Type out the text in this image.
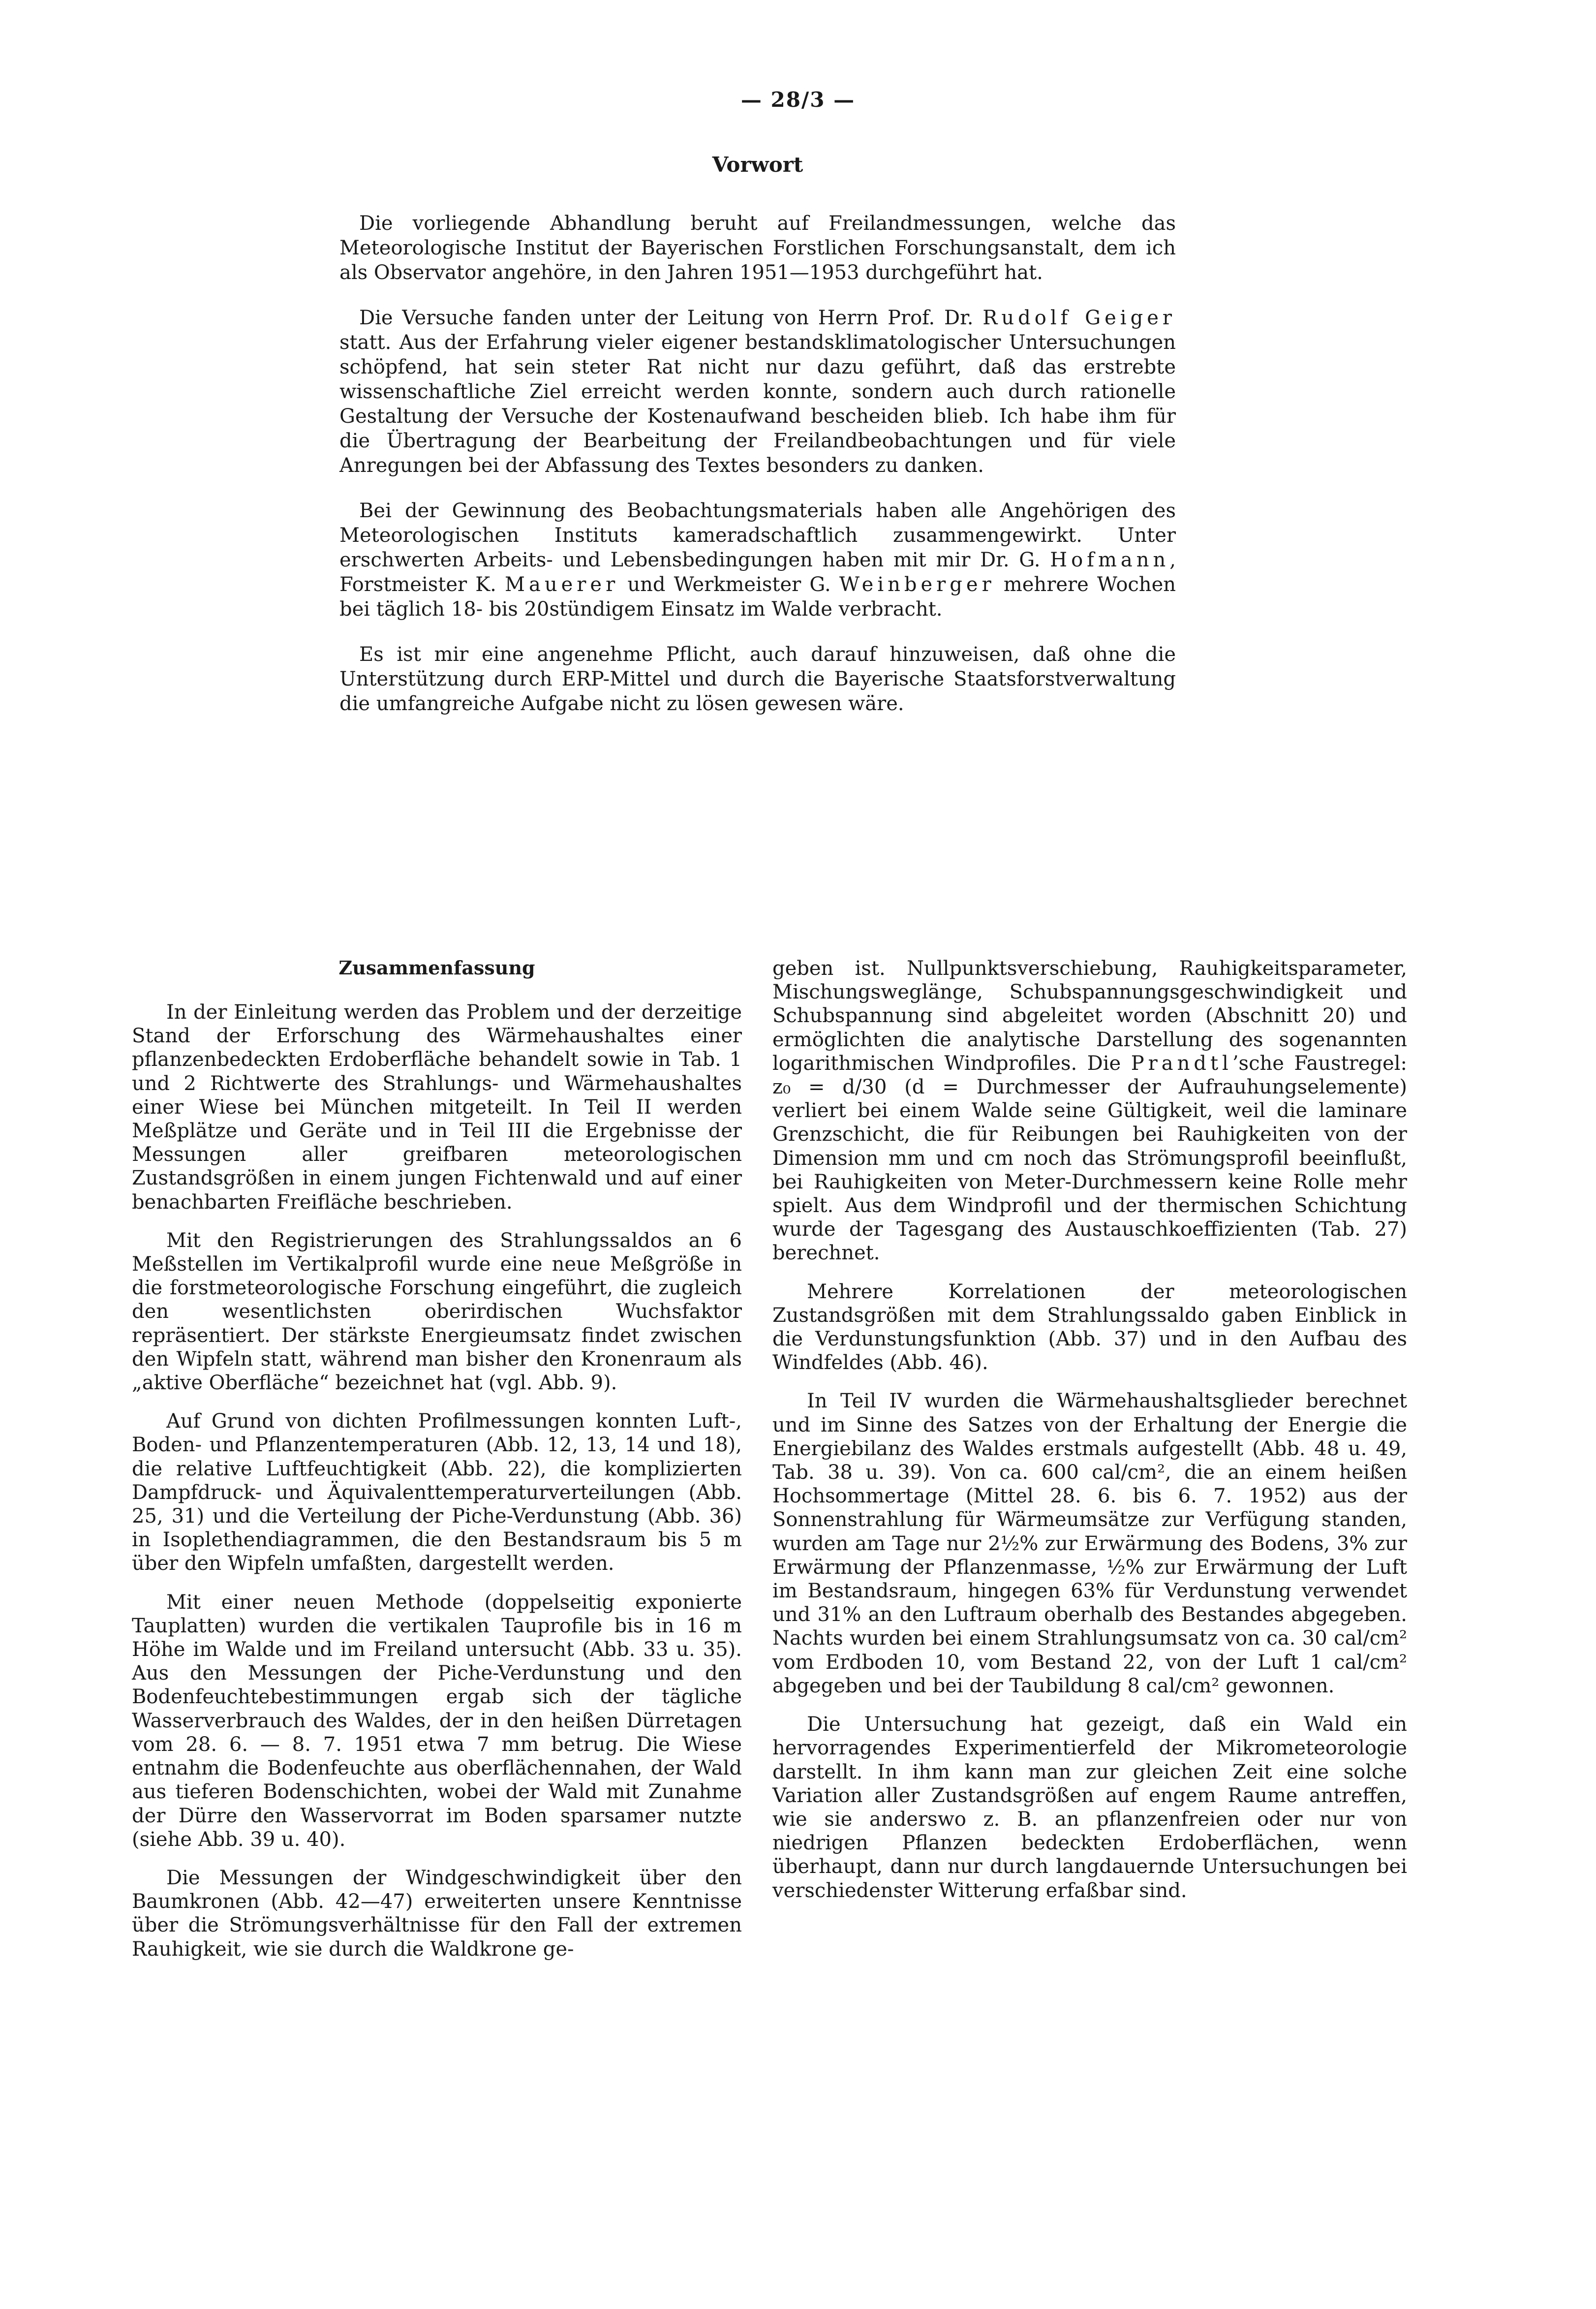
— 28/3 —
Vorwort

Die vorliegende Abhandlung beruht auf Freilandmessungen, welche das Meteorologische Institut der Bayerischen Forstlichen Forschungsanstalt, dem ich als Observator angehöre, in den Jahren 1951—1953 durchgeführt hat.

Die Versuche fanden unter der Leitung von Herrn Prof. Dr. Rudolf Geiger statt. Aus der Erfahrung vieler eigener bestandsklimatologischer Untersuchungen schöpfend, hat sein steter Rat nicht nur dazu geführt, daß das erstrebte wissenschaftliche Ziel erreicht werden konnte, sondern auch durch rationelle Gestaltung der Versuche der Kostenaufwand bescheiden blieb. Ich habe ihm für die Übertragung der Bearbeitung der Freilandbeobachtungen und für viele Anregungen bei der Abfassung des Textes besonders zu danken.

Bei der Gewinnung des Beobachtungsmaterials haben alle Angehörigen des Meteorologischen Instituts kameradschaftlich zusammengewirkt. Unter erschwerten Arbeits- und Lebensbedingungen haben mit mir Dr. G. Hofmann, Forstmeister K. Mauerer und Werkmeister G. Weinberger mehrere Wochen bei täglich 18- bis 20stündigem Einsatz im Walde verbracht.

Es ist mir eine angenehme Pflicht, auch darauf hinzuweisen, daß ohne die Unterstützung durch ERP-Mittel und durch die Bayerische Staatsforstverwaltung die umfangreiche Aufgabe nicht zu lösen gewesen wäre.

Zusammenfassung

In der Einleitung werden das Problem und der derzeitige Stand der Erforschung des Wärmehaushaltes einer pflanzenbedeckten Erdoberfläche behandelt sowie in Tab. 1 und 2 Richtwerte des Strahlungs- und Wärmehaushaltes einer Wiese bei München mitgeteilt. In Teil II werden Meßplätze und Geräte und in Teil III die Ergebnisse der Messungen aller greifbaren meteorologischen Zustandsgrößen in einem jungen Fichtenwald und auf einer benachbarten Freifläche beschrieben.

Mit den Registrierungen des Strahlungssaldos an 6 Meßstellen im Vertikalprofil wurde eine neue Meßgröße in die forstmeteorologische Forschung eingeführt, die zugleich den wesentlichsten oberirdischen Wuchsfaktor repräsentiert. Der stärkste Energieumsatz findet zwischen den Wipfeln statt, während man bisher den Kronenraum als „aktive Oberfläche“ bezeichnet hat (vgl. Abb. 9).

Auf Grund von dichten Profilmessungen konnten Luft-, Boden- und Pflanzentemperaturen (Abb. 12, 13, 14 und 18), die relative Luftfeuchtigkeit (Abb. 22), die komplizierten Dampfdruck- und Äquivalenttemperaturverteilungen (Abb. 25, 31) und die Verteilung der Piche-Verdunstung (Abb. 36) in Isoplethendiagrammen, die den Bestandsraum bis 5 m über den Wipfeln umfaßten, dargestellt werden.

Mit einer neuen Methode (doppelseitig exponierte Tauplatten) wurden die vertikalen Tauprofile bis in 16 m Höhe im Walde und im Freiland untersucht (Abb. 33 u. 35). Aus den Messungen der Piche-Verdunstung und den Bodenfeuchtebestimmungen ergab sich der tägliche Wasserverbrauch des Waldes, der in den heißen Dürretagen vom 28. 6. — 8. 7. 1951 etwa 7 mm betrug. Die Wiese entnahm die Bodenfeuchte aus oberflächennahen, der Wald aus tieferen Bodenschichten, wobei der Wald mit Zunahme der Dürre den Wasservorrat im Boden sparsamer nutzte (siehe Abb. 39 u. 40).

Die Messungen der Windgeschwindigkeit über den Baumkronen (Abb. 42—47) erweiterten unsere Kenntnisse über die Strömungsverhältnisse für den Fall der extremen Rauhigkeit, wie sie durch die Waldkrone ge-

geben ist. Nullpunktsverschiebung, Rauhigkeitsparameter, Mischungsweglänge, Schubspannungsgeschwindigkeit und Schubspannung sind abgeleitet worden (Abschnitt 20) und ermöglichten die analytische Darstellung des sogenannten logarithmischen Windprofiles. Die Prandtl’sche Faustregel: z₀ = d/30 (d = Durchmesser der Aufrauhungselemente) verliert bei einem Walde seine Gültigkeit, weil die laminare Grenzschicht, die für Reibungen bei Rauhigkeiten von der Dimension mm und cm noch das Strömungsprofil beeinflußt, bei Rauhigkeiten von Meter-Durchmessern keine Rolle mehr spielt. Aus dem Windprofil und der thermischen Schichtung wurde der Tagesgang des Austauschkoeffizienten (Tab. 27) berechnet.

Mehrere Korrelationen der meteorologischen Zustandsgrößen mit dem Strahlungssaldo gaben Einblick in die Verdunstungsfunktion (Abb. 37) und in den Aufbau des Windfeldes (Abb. 46).

In Teil IV wurden die Wärmehaushaltsglieder berechnet und im Sinne des Satzes von der Erhaltung der Energie die Energiebilanz des Waldes erstmals aufgestellt (Abb. 48 u. 49, Tab. 38 u. 39). Von ca. 600 cal/cm², die an einem heißen Hochsommertage (Mittel 28. 6. bis 6. 7. 1952) aus der Sonnenstrahlung für Wärmeumsätze zur Verfügung standen, wurden am Tage nur 2½% zur Erwärmung des Bodens, 3% zur Erwärmung der Pflanzenmasse, ½% zur Erwärmung der Luft im Bestandsraum, hingegen 63% für Verdunstung verwendet und 31% an den Luftraum oberhalb des Bestandes abgegeben. Nachts wurden bei einem Strahlungsumsatz von ca. 30 cal/cm² vom Erdboden 10, vom Bestand 22, von der Luft 1 cal/cm² abgegeben und bei der Taubildung 8 cal/cm² gewonnen.

Die Untersuchung hat gezeigt, daß ein Wald ein hervorragendes Experimentierfeld der Mikrometeorologie darstellt. In ihm kann man zur gleichen Zeit eine solche Variation aller Zustandsgrößen auf engem Raume antreffen, wie sie anderswo z. B. an pflanzenfreien oder nur von niedrigen Pflanzen bedeckten Erdoberflächen, wenn überhaupt, dann nur durch langdauernde Untersuchungen bei verschiedenster Witterung erfaßbar sind.
